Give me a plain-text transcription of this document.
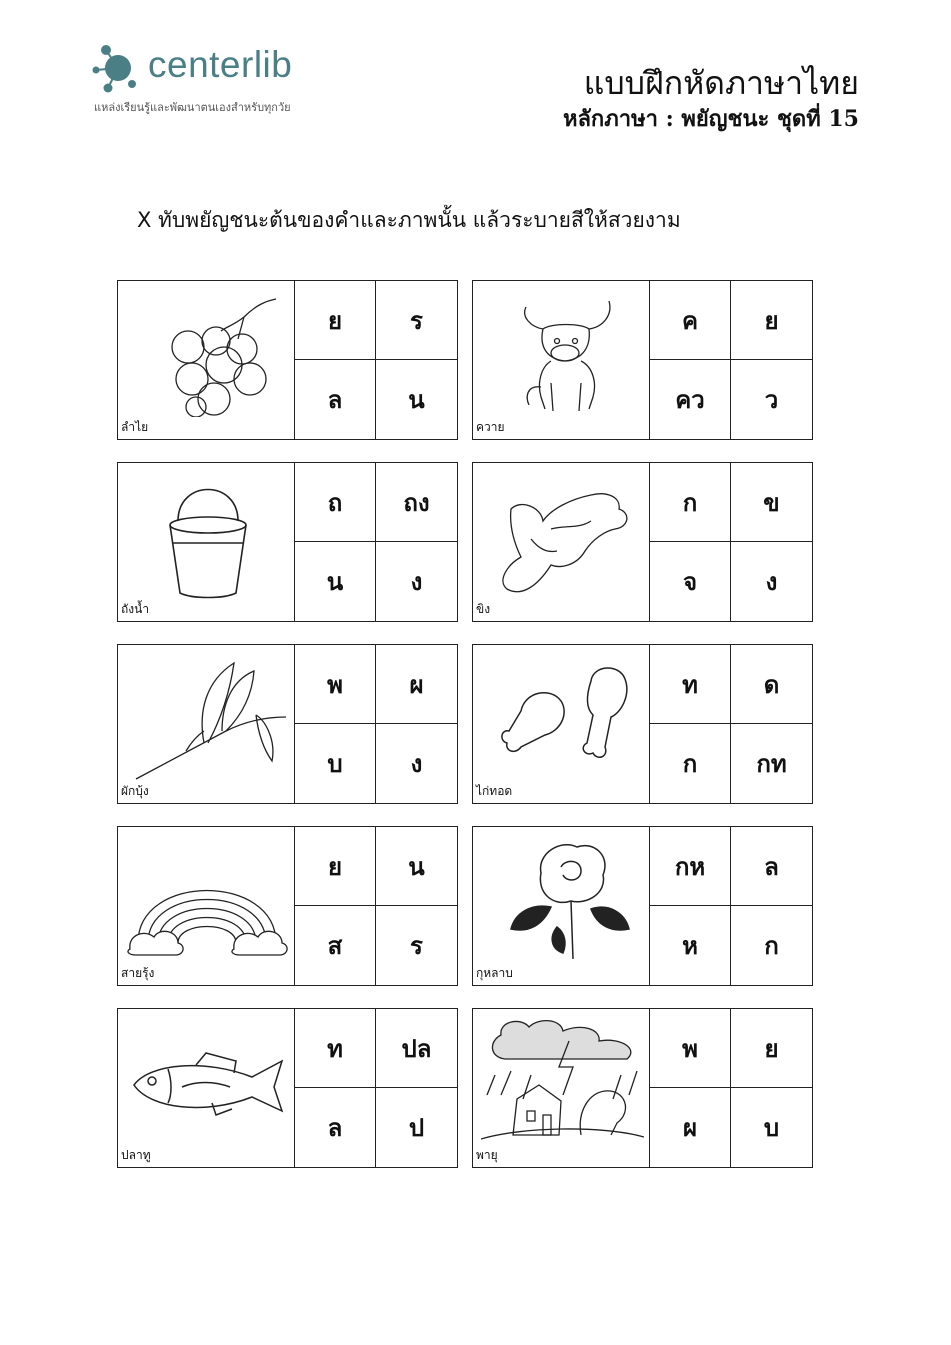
centerlib
แหล่งเรียนรู้และพัฒนาตนเองสำหรับทุกวัย
แบบฝึกหัดภาษาไทย
หลักภาษา : พยัญชนะ ชุดที่ 15
X ทับพยัญชนะต้นของคำและภาพนั้น แล้วระบายสีให้สวยงาม
ลำไย
ย	ร
ล	น
ควาย
ค	ย
คว	ว
ถังน้ำ
ถ	ถง
น	ง
ขิง
ก	ข
จ	ง
ผักบุ้ง
พ	ผ
บ	ง
ไก่ทอด
ท	ด
ก	กท
สายรุ้ง
ย	น
ส	ร
กุหลาบ
กห	ล
ห	ก
ปลาทู
ท	ปล
ล	ป
พายุ
พ	ย
ผ	บ
